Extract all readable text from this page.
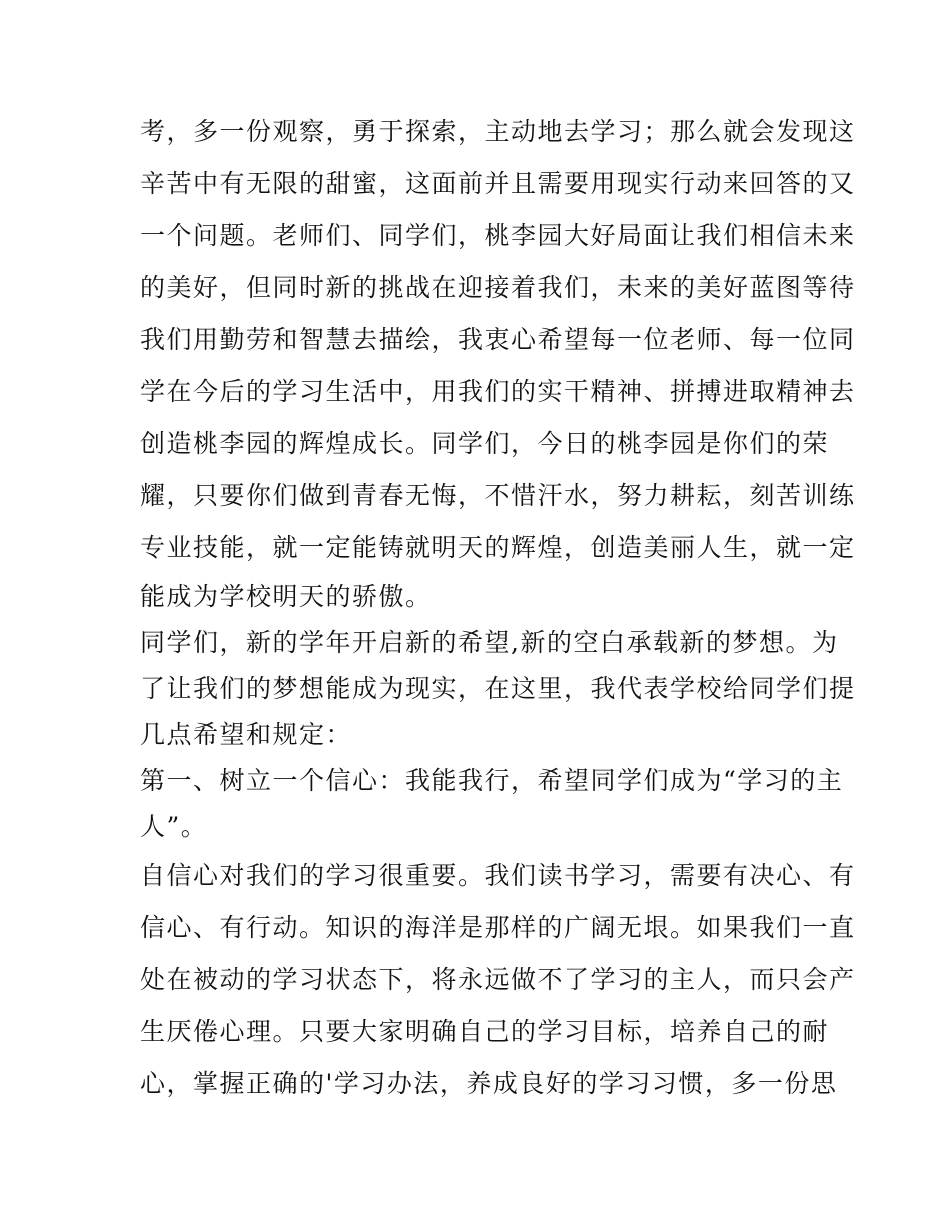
考，多一份观察，勇于探索，主动地去学习；那么就会发现这
辛苦中有无限的甜蜜，这面前并且需要用现实行动来回答的又
一个问题。老师们、同学们，桃李园大好局面让我们相信未来
的美好，但同时新的挑战在迎接着我们，未来的美好蓝图等待
我们用勤劳和智慧去描绘，我衷心希望每一位老师、每一位同
学在今后的学习生活中，用我们的实干精神、拼搏进取精神去
创造桃李园的辉煌成长。同学们，今日的桃李园是你们的荣
耀，只要你们做到青春无悔，不惜汗水，努力耕耘，刻苦训练
专业技能，就一定能铸就明天的辉煌，创造美丽人生，就一定
能成为学校明天的骄傲。
同学们，新的学年开启新的希望,新的空白承载新的梦想。为
了让我们的梦想能成为现实，在这里，我代表学校给同学们提
几点希望和规定：
第一、树立一个信心：我能我行，希望同学们成为“学习的主
人”。
自信心对我们的学习很重要。我们读书学习，需要有决心、有
信心、有行动。知识的海洋是那样的广阔无垠。如果我们一直
处在被动的学习状态下，将永远做不了学习的主人，而只会产
生厌倦心理。只要大家明确自己的学习目标，培养自己的耐
心，掌握正确的'学习办法，养成良好的学习习惯，多一份思
